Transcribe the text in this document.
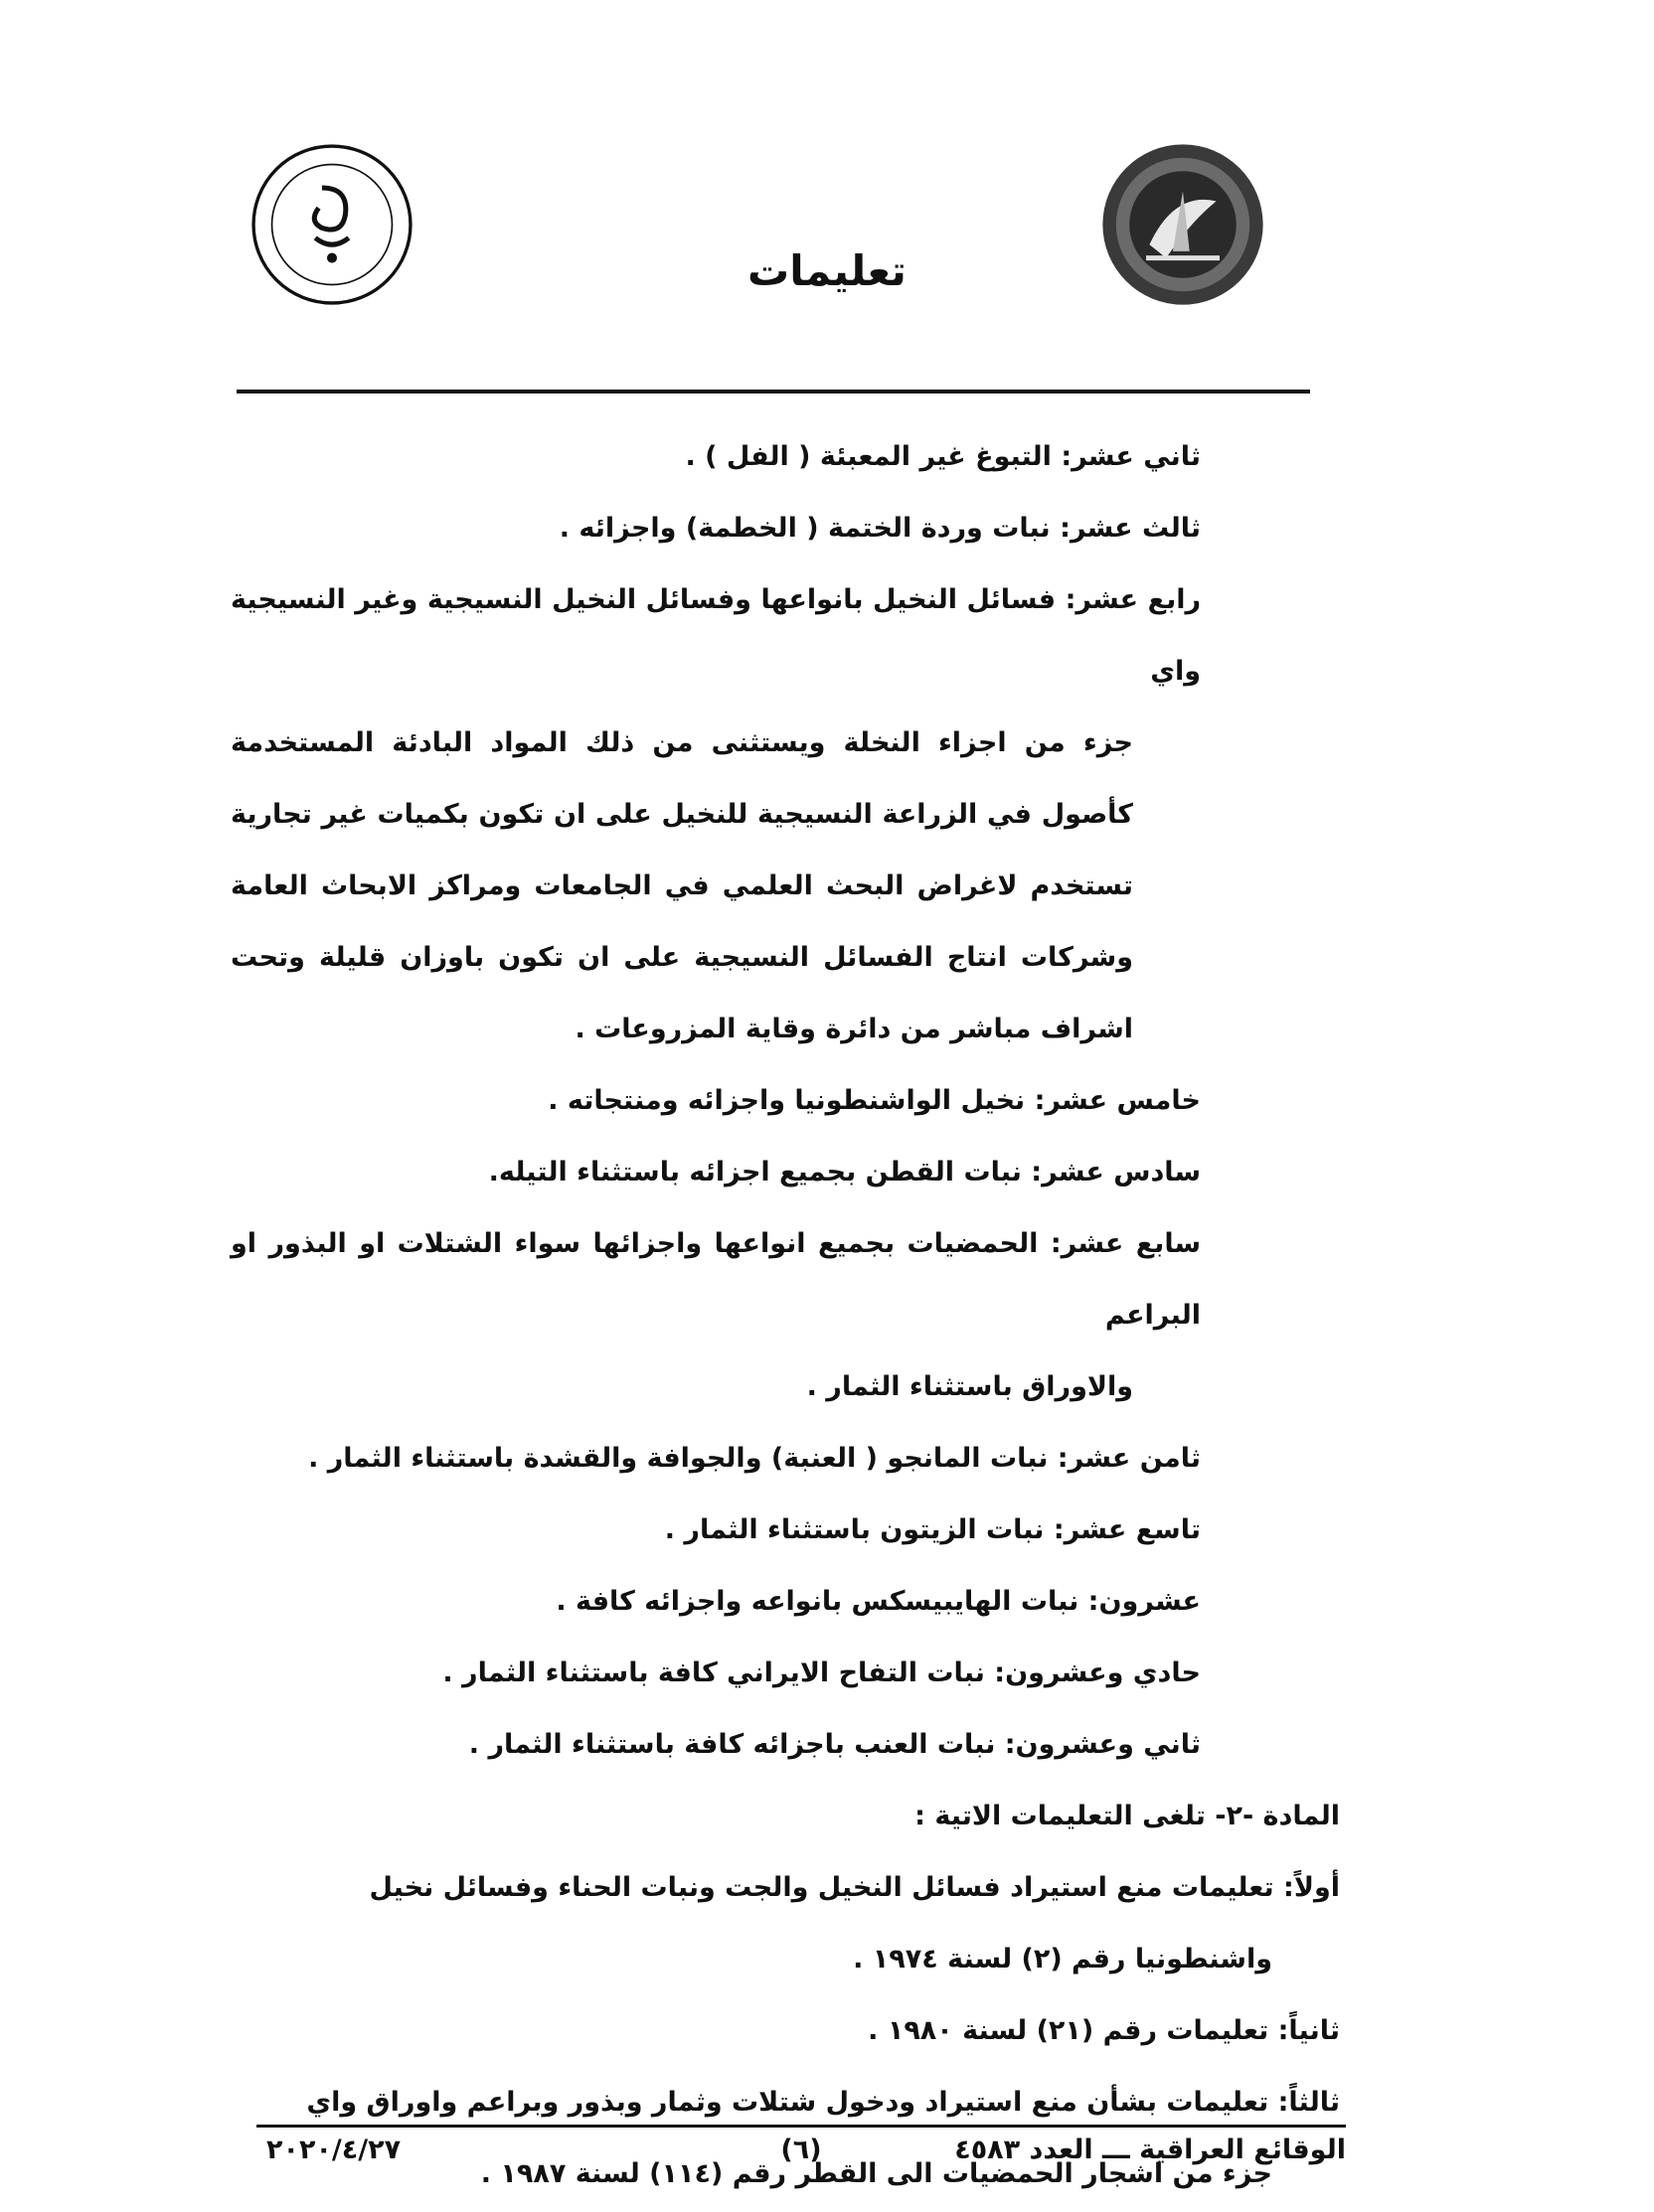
تعليمات

ثاني عشر: التبوغ غير المعبئة ( الفل ) .

ثالث عشر: نبات وردة الختمة ( الخطمة) واجزائه .

رابع عشر: فسائل النخيل بانواعها وفسائل النخيل النسيجية وغير النسيجية واي
جزء من اجزاء النخلة ويستثنى من ذلك المواد البادئة المستخدمة كأصول في الزراعة النسيجية للنخيل على ان تكون بكميات غير تجارية تستخدم لاغراض البحث العلمي في الجامعات ومراكز الابحاث العامة وشركات انتاج الفسائل النسيجية على ان تكون باوزان قليلة وتحت اشراف مباشر من دائرة وقاية المزروعات .

خامس عشر: نخيل الواشنطونيا واجزائه ومنتجاته .

سادس عشر: نبات القطن بجميع اجزائه باستثناء التيله.

سابع عشر: الحمضيات بجميع انواعها واجزائها سواء الشتلات او البذور او البراعم
والاوراق باستثناء الثمار .

ثامن عشر: نبات المانجو ( العنبة) والجوافة والقشدة باستثناء الثمار .

تاسع عشر: نبات الزيتون باستثناء الثمار .

عشرون: نبات الهايبيسكس بانواعه واجزائه كافة .

حادي وعشرون: نبات التفاح الايراني كافة باستثناء الثمار .

ثاني وعشرون: نبات العنب باجزائه كافة باستثناء الثمار .

المادة -٢- تلغى التعليمات الاتية :

أولاً: تعليمات منع استيراد فسائل النخيل والجت ونبات الحناء وفسائل نخيل
واشنطونيا رقم (٢) لسنة ١٩٧٤ .

ثانياً: تعليمات رقم (٢١) لسنة ١٩٨٠ .

ثالثاً: تعليمات بشأن منع استيراد ودخول شتلات وثمار وبذور وبراعم واوراق واي
جزء من اشجار الحمضيات الى القطر رقم (١١٤) لسنة ١٩٨٧ .

الوقائع العراقية ـــ العدد ٤٥٨٣
(٦)
٢٠٢٠/٤/٢٧
